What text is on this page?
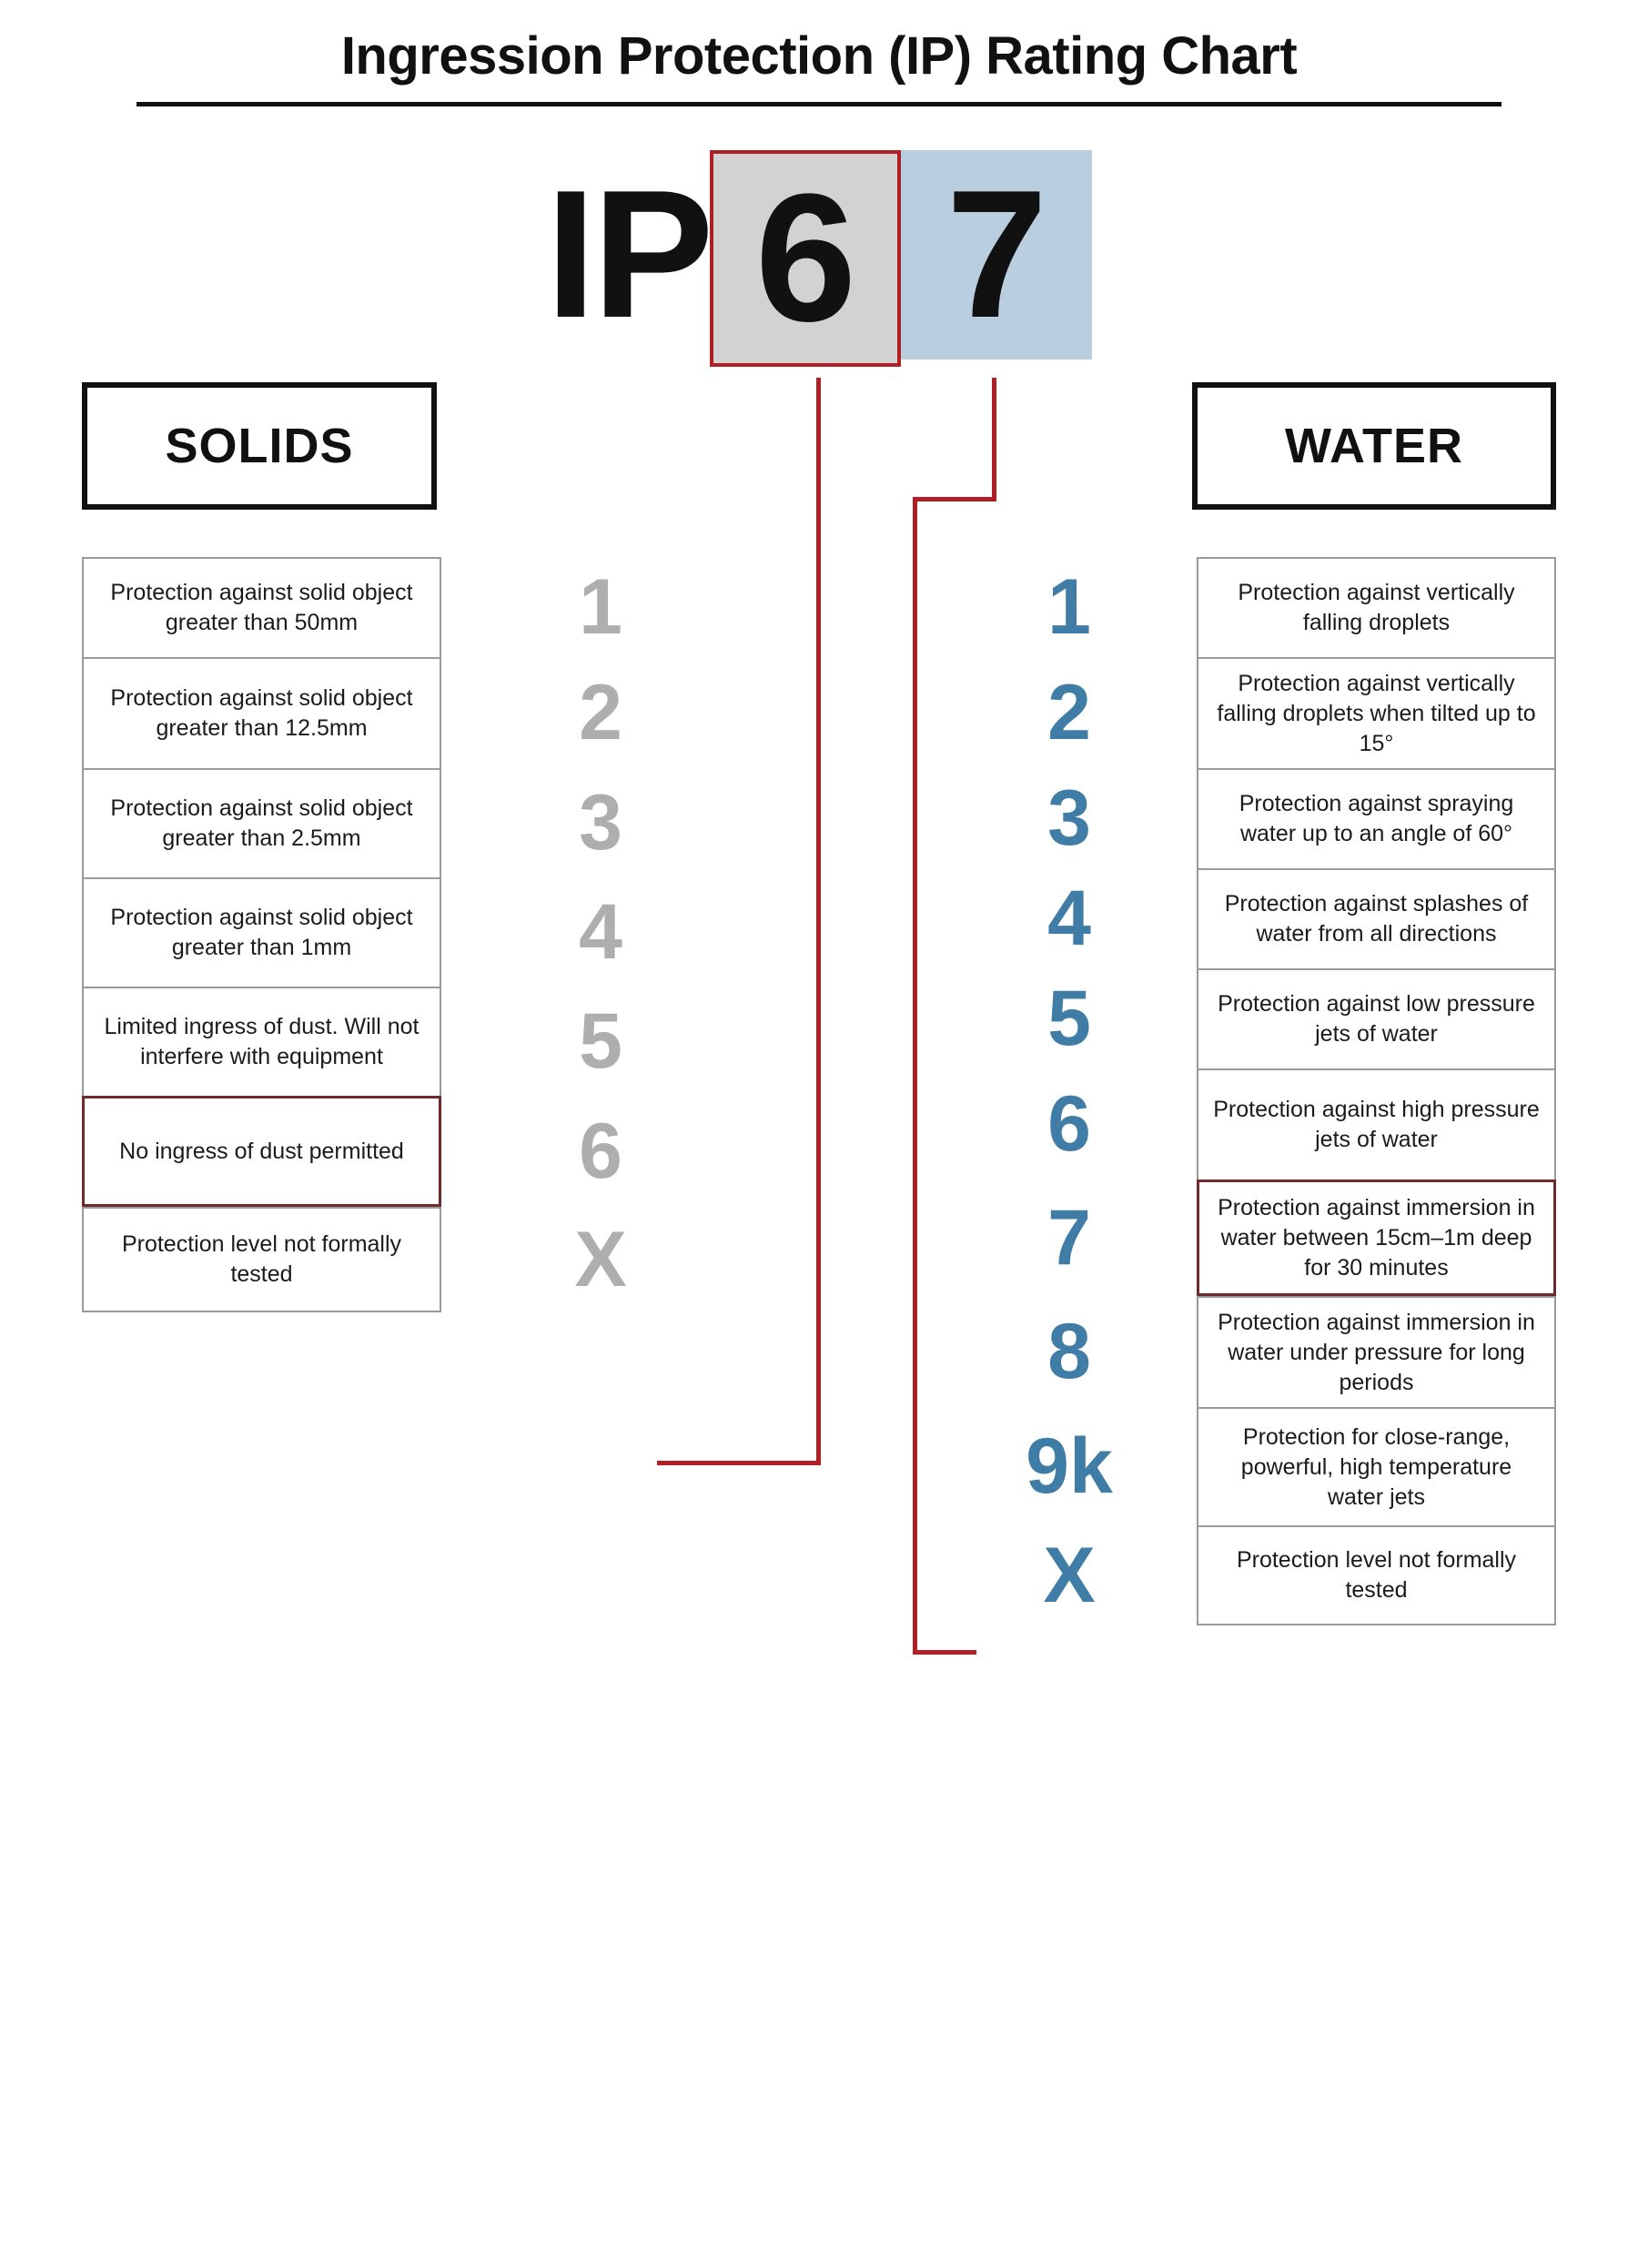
Ingression Protection (IP) Rating Chart
IP 6 7
SOLIDS	WATER
Protection against solid object greater than 50mm
Protection against solid object greater than 12.5mm
Protection against solid object greater than 2.5mm
Protection against solid object greater than 1mm
Limited ingress of dust. Will not interfere with equipment
No ingress of dust permitted
Protection level not formally tested
1
2
3
4
5
6
X
1
2
3
4
5
6
7
8
9k
X
Protection against vertically falling droplets
Protection against vertically falling droplets when tilted up to 15°
Protection against spraying water up to an angle of 60°
Protection against splashes of water from all directions
Protection against low pressure jets of water
Protection against high pressure jets of water
Protection against immersion in water between 15cm–1m deep for 30 minutes
Protection against immersion in water under pressure for long periods
Protection for close-range, powerful, high temperature water jets
Protection level not formally tested
